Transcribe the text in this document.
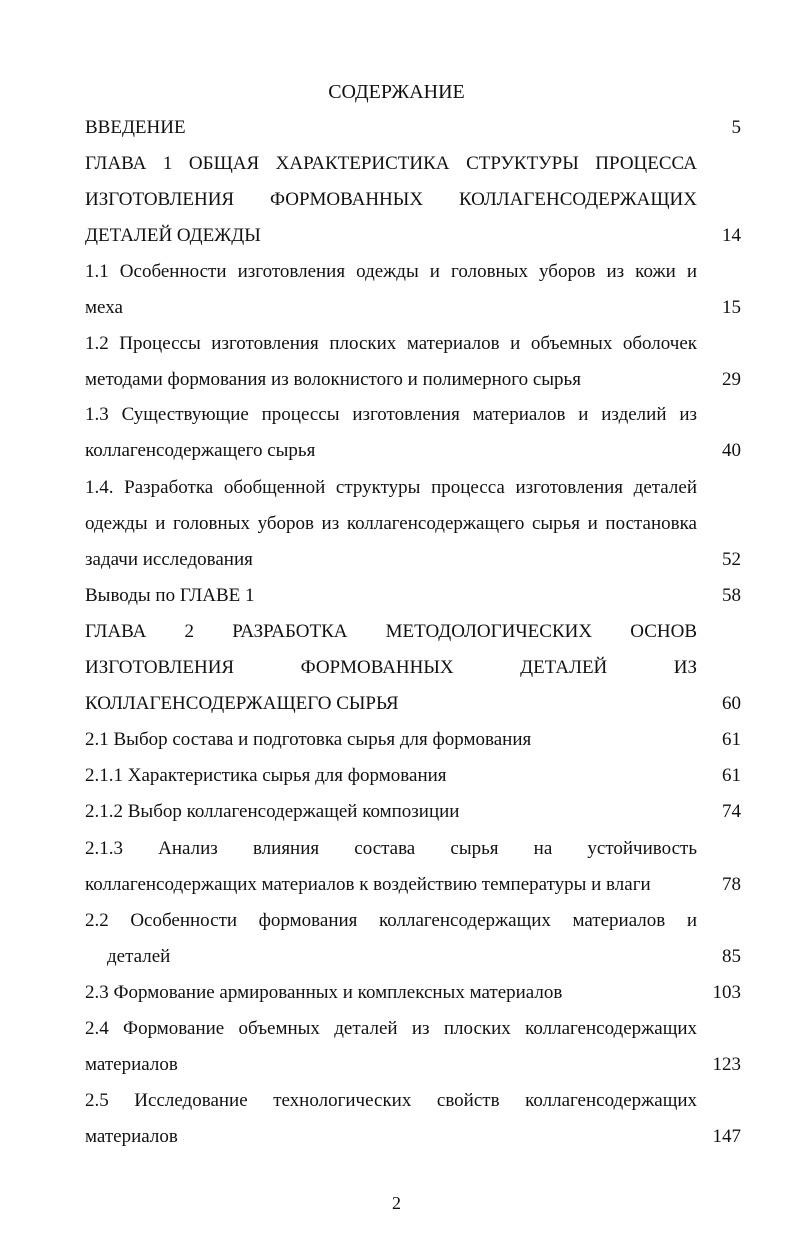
СОДЕРЖАНИЕ
ВВЕДЕНИЕ	5
ГЛАВА 1 ОБЩАЯ ХАРАКТЕРИСТИКА СТРУКТУРЫ ПРОЦЕССА
ИЗГОТОВЛЕНИЯ ФОРМОВАННЫХ КОЛЛАГЕНСОДЕРЖАЩИХ
ДЕТАЛЕЙ ОДЕЖДЫ	14
1.1 Особенности изготовления одежды и головных уборов из кожи и
меха	15
1.2 Процессы изготовления плоских материалов и объемных оболочек
методами формования из волокнистого и полимерного сырья	29
1.3 Существующие процессы изготовления материалов и изделий из
коллагенсодержащего сырья	40
1.4. Разработка обобщенной структуры процесса изготовления деталей
одежды и головных уборов из коллагенсодержащего сырья и постановка
задачи исследования	52
Выводы по ГЛАВЕ 1	58
ГЛАВА 2 РАЗРАБОТКА МЕТОДОЛОГИЧЕСКИХ ОСНОВ
ИЗГОТОВЛЕНИЯ ФОРМОВАННЫХ ДЕТАЛЕЙ ИЗ
КОЛЛАГЕНСОДЕРЖАЩЕГО СЫРЬЯ	60
2.1 Выбор состава и подготовка сырья для формования	61
2.1.1 Характеристика сырья для формования	61
2.1.2 Выбор коллагенсодержащей композиции	74
2.1.3 Анализ влияния состава сырья на устойчивость
коллагенсодержащих материалов к воздействию температуры и влаги	78
2.2 Особенности формования коллагенсодержащих материалов и
деталей	85
2.3 Формование армированных и комплексных материалов	103
2.4 Формование объемных деталей из плоских коллагенсодержащих
материалов	123
2.5 Исследование технологических свойств коллагенсодержащих
материалов	147
2
